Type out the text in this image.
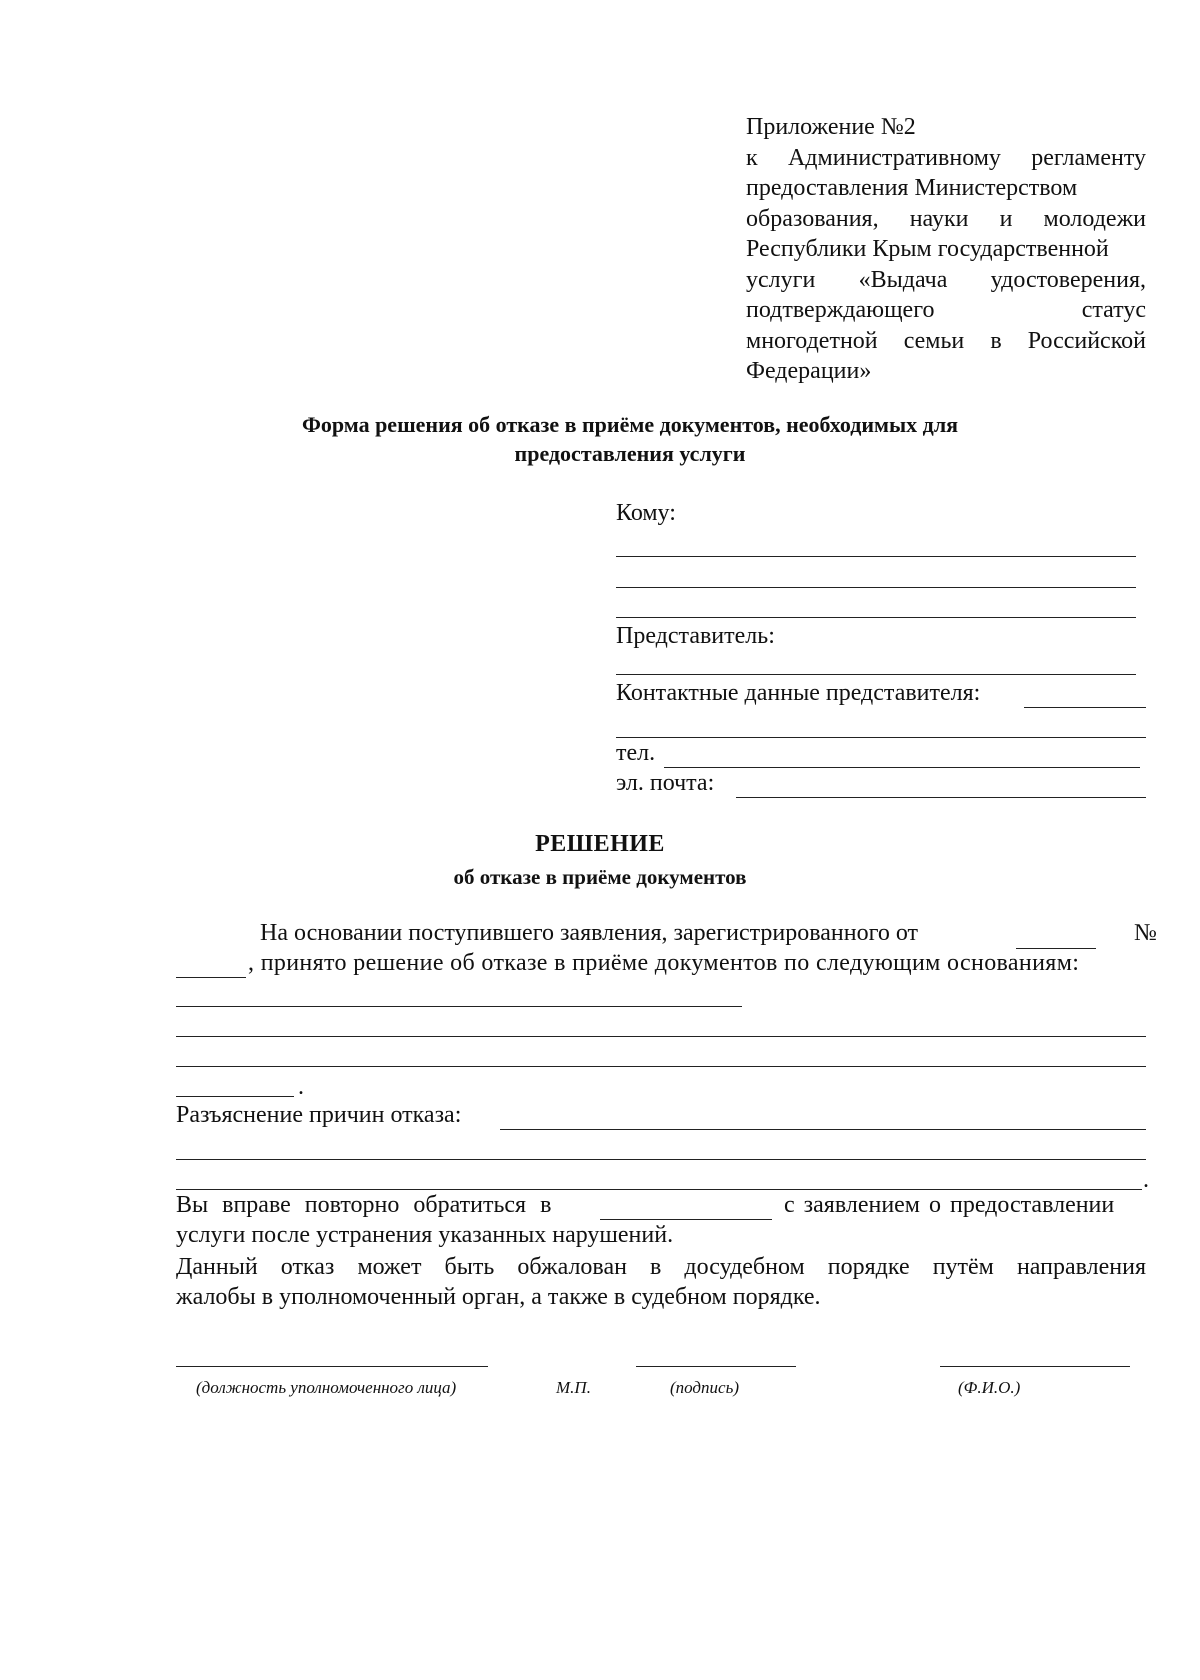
Приложение №2
к Административному регламенту
предоставления Министерством
образования, науки и молодежи
Республики Крым государственной
услуги «Выдача удостоверения,
подтверждающего статус
многодетной семьи в Российской
Федерации»
Форма решения об отказе в приёме документов, необходимых для
предоставления услуги
Кому:
Представитель:
Контактные данные представителя:
тел.
эл. почта:
РЕШЕНИЕ
об отказе в приёме документов
На основании поступившего заявления, зарегистрированного от	№
, принято решение об отказе в приёме документов по следующим основаниям:
.
Разъяснение причин отказа:
.
Вы вправе повторно обратиться в	с заявлением о предоставлении
услуги после устранения указанных нарушений.
Данный отказ может быть обжалован в досудебном порядке путём направления
жалобы в уполномоченный орган, а также в судебном порядке.
(должность уполномоченного лица)	М.П.	(подпись)	(Ф.И.О.)
